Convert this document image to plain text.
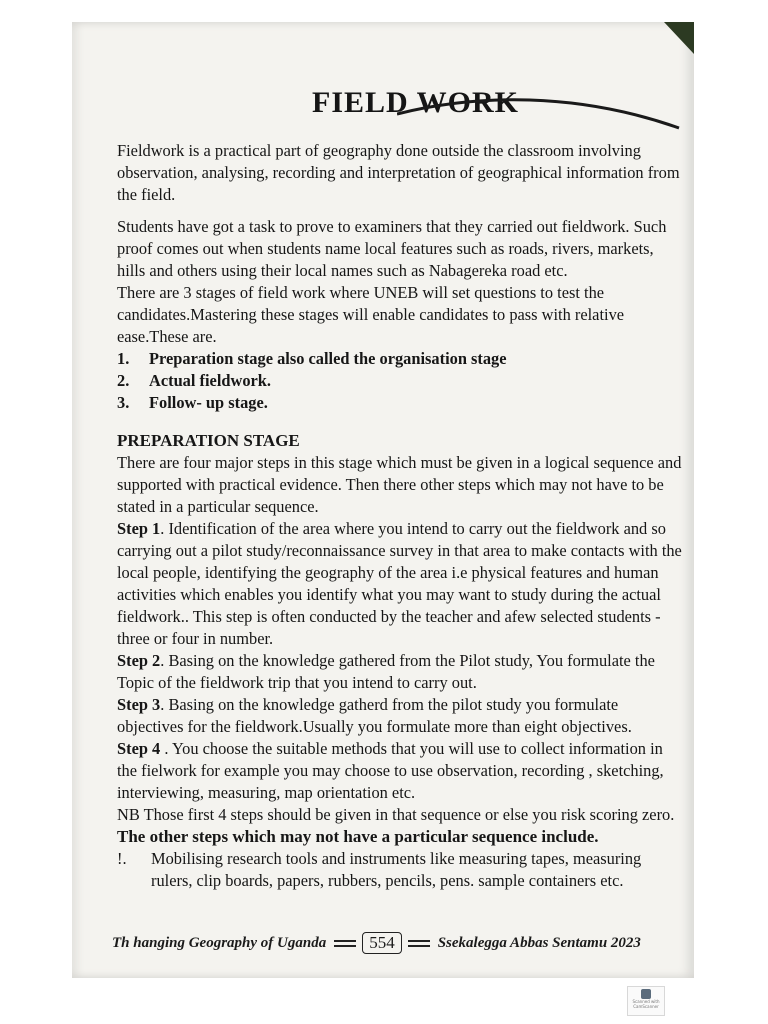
FIELD WORK

Fieldwork is a practical part of geography done outside the classroom involving observation, analysing, recording and interpretation of geographical information from the field.

Students have got a task to prove to examiners that they carried out fieldwork. Such proof comes out when students name local features such as roads, rivers, markets, hills and others using their local names such as Nabagereka road etc.

There are 3 stages of field work where UNEB will set questions to test the candidates.Mastering these stages will enable candidates to pass with relative ease.These are.

1.	Preparation stage also called the organisation stage
2.	Actual fieldwork.
3.	Follow- up stage.
PREPARATION STAGE

There are four major steps in this stage which must be given in a logical sequence and supported with practical evidence. Then there other steps which may not have to be stated in a particular sequence.

Step 1. Identification of the area where you intend to carry out the fieldwork and so carrying out a pilot study/reconnaissance survey in that area to make contacts with the local people, identifying the geography of the area i.e physical features and human activities which enables you identify what you may want to study during the actual fieldwork.. This step is often conducted by the teacher and afew selected students -three or four in number.

Step 2. Basing on the knowledge gathered from the Pilot study, You formulate the Topic of the fieldwork trip that you intend to carry out.

Step 3. Basing on the knowledge gatherd from the pilot study you formulate objectives for the fieldwork.Usually you formulate more than eight objectives.

Step 4 . You choose the suitable methods that you will use to collect information in the fielwork for example you may choose to use observation, recording , sketching, interviewing, measuring, map orientation etc.

NB Those first 4 steps should be given in that sequence or else you risk scoring zero.

The other steps which may not have a particular sequence include.
!.	Mobilising research tools and instruments like measuring tapes, measuring rulers, clip boards, papers, rubbers, pencils, pens. sample containers etc.
Th hanging Geography of Uganda	554	Ssekalegga Abbas Sentamu 2023
Scanned with CamScanner
